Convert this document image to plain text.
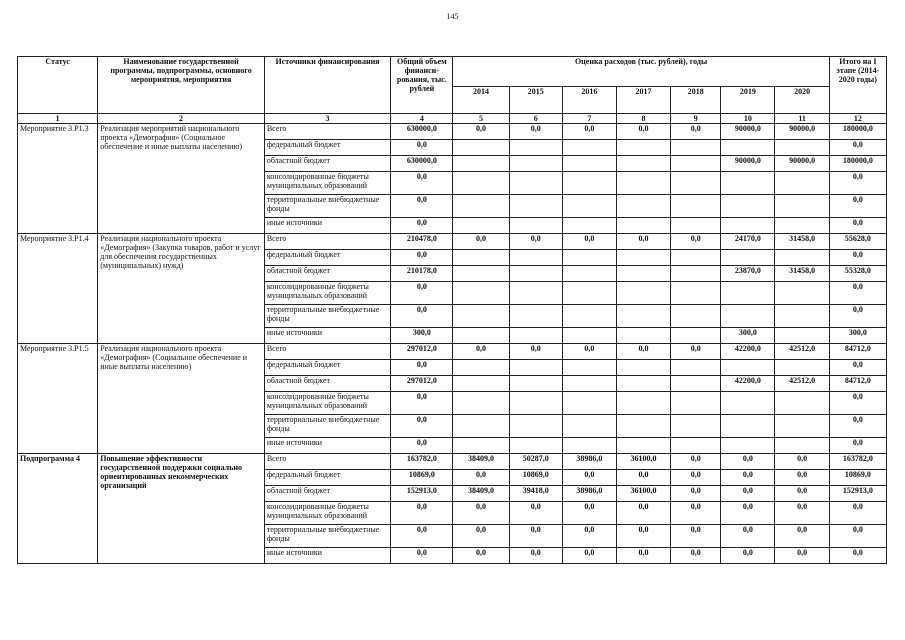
145
Статус	Наименование государственной программы, подпрограммы, основного мероприятия, мероприятия	Источники финансирования	Общий объем финанси-рования, тыс. рублей	Оценка расходов (тыс. рублей), годы							Итого на I этапе (2014-2020 годы)
				2014	2015	2016	2017	2018	2019	2020	
1	2	3	4	5	6	7	8	9	10	11	12
Мероприятие 3.Р1.3	Реализация мероприятий национального проекта «Демография» (Социальное обеспечение и иные выплаты населению)	Всего	630000,0	0,0	0,0	0,0	0,0	0,0	90000,0	90000,0	180000,0
		федеральный бюджет	0,0								0,0
		областной бюджет	630000,0						90000,0	90000,0	180000,0
		консолидированные бюджеты муниципальных образований	0,0								0,0
		территориальные внебюджетные фонды	0,0								0,0
		иные источники	0,0								0,0
Мероприятие 3.Р1.4	Реализация национального проекта «Демография» (Закупка товаров, работ и услуг для обеспечения государственных (муниципальных) нужд)	Всего	210478,0	0,0	0,0	0,0	0,0	0,0	24170,0	31458,0	55628,0
		федеральный бюджет	0,0								0,0
		областной бюджет	210178,0						23870,0	31458,0	55328,0
		консолидированные бюджеты муниципальных образований	0,0								0,0
		территориальные внебюджетные фонды	0,0								0,0
		иные источники	300,0						300,0		300,0
Мероприятие 3.Р1.5	Реализация национального проекта «Демография» (Социальное обеспечение и иные выплаты населению)	Всего	297012,0	0,0	0,0	0,0	0,0	0,0	42200,0	42512,0	84712,0
		федеральный бюджет	0,0								0,0
		областной бюджет	297012,0						42200,0	42512,0	84712,0
		консолидированные бюджеты муниципальных образований	0,0								0,0
		территориальные внебюджетные фонды	0,0								0,0
		иные источники	0,0								0,0
Подпрограмма 4	Повышение эффективности государственной поддержки социально ориентированных некоммерческих организаций	Всего	163782,0	38409,0	50287,0	38986,0	36100,0	0,0	0,0	0,0	163782,0
		федеральный бюджет	10869,0	0,0	10869,0	0,0	0,0	0,0	0,0	0,0	10869,0
		областной бюджет	152913,0	38409,0	39418,0	38986,0	36100,0	0,0	0,0	0,0	152913,0
		консолидированные бюджеты муниципальных образований	0,0	0,0	0,0	0,0	0,0	0,0	0,0	0,0	0,0
		территориальные внебюджетные фонды	0,0	0,0	0,0	0,0	0,0	0,0	0,0	0,0	0,0
		иные источники	0,0	0,0	0,0	0,0	0,0	0,0	0,0	0,0	0,0
